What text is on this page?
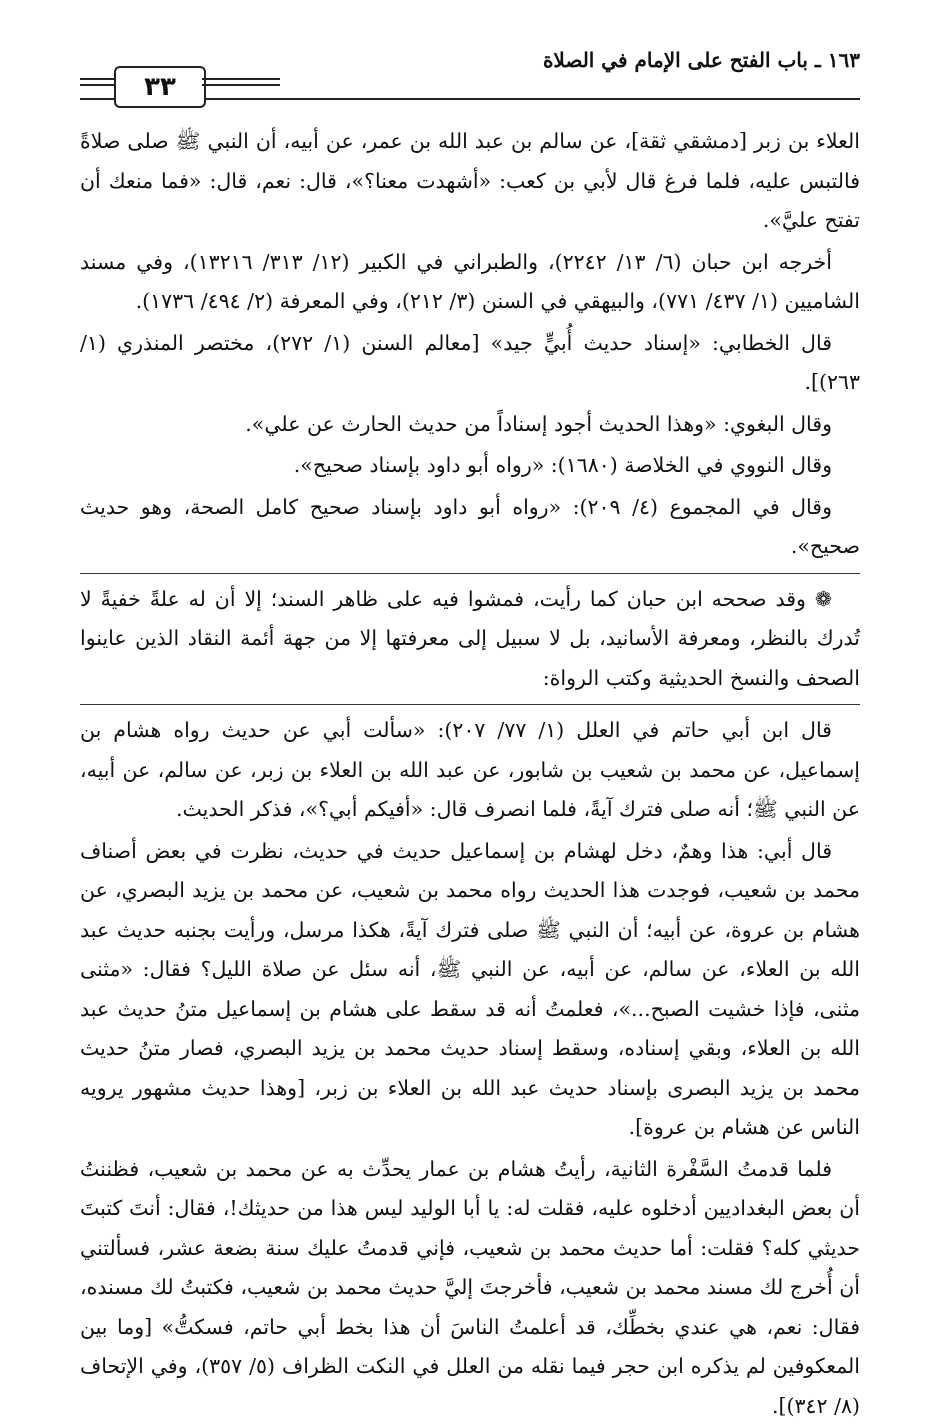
١٦٣ ـ باب الفتح على الإمام في الصلاة
٣٣

العلاء بن زبر [دمشقي ثقة]، عن سالم بن عبد الله بن عمر، عن أبيه، أن النبي ﷺ صلى صلاةً فالتبس عليه، فلما فرغ قال لأبي بن كعب: «أشهدت معنا؟»، قال: نعم، قال: «فما منعك أن تفتح عليَّ».

أخرجه ابن حبان (٦/ ١٣/ ٢٢٤٢)، والطبراني في الكبير (١٢/ ٣١٣/ ١٣٢١٦)، وفي مسند الشاميين (١/ ٤٣٧/ ٧٧١)، والبيهقي في السنن (٣/ ٢١٢)، وفي المعرفة (٢/ ٤٩٤/ ١٧٣٦).

قال الخطابي: «إسناد حديث أُبيٍّ جيد» [معالم السنن (١/ ٢٧٢)، مختصر المنذري (١/ ٢٦٣)].

وقال البغوي: «وهذا الحديث أجود إسناداً من حديث الحارث عن علي».

وقال النووي في الخلاصة (١٦٨٠): «رواه أبو داود بإسناد صحيح».

وقال في المجموع (٤/ ٢٠٩): «رواه أبو داود بإسناد صحيح كامل الصحة، وهو حديث صحيح».

❁ وقد صححه ابن حبان كما رأيت، فمشوا فيه على ظاهر السند؛ إلا أن له علةً خفيةً لا تُدرك بالنظر، ومعرفة الأسانيد، بل لا سبيل إلى معرفتها إلا من جهة أئمة النقاد الذين عاينوا الصحف والنسخ الحديثية وكتب الرواة:

قال ابن أبي حاتم في العلل (١/ ٧٧/ ٢٠٧): «سألت أبي عن حديث رواه هشام بن إسماعيل، عن محمد بن شعيب بن شابور، عن عبد الله بن العلاء بن زبر، عن سالم، عن أبيه، عن النبي ﷺ؛ أنه صلى فترك آيةً، فلما انصرف قال: «أفيكم أبي؟»، فذكر الحديث.

قال أبي: هذا وهمٌ، دخل لهشام بن إسماعيل حديث في حديث، نظرت في بعض أصناف محمد بن شعيب، فوجدت هذا الحديث رواه محمد بن شعيب، عن محمد بن يزيد البصري، عن هشام بن عروة، عن أبيه؛ أن النبي ﷺ صلى فترك آيةً، هكذا مرسل، ورأيت بجنبه حديث عبد الله بن العلاء، عن سالم، عن أبيه، عن النبي ﷺ، أنه سئل عن صلاة الليل؟ فقال: «مثنى مثنى، فإذا خشيت الصبح...»، فعلمتُ أنه قد سقط على هشام بن إسماعيل متنُ حديث عبد الله بن العلاء، وبقي إسناده، وسقط إسناد حديث محمد بن يزيد البصري، فصار متنُ حديث محمد بن يزيد البصرى بإسناد حديث عبد الله بن العلاء بن زبر، [وهذا حديث مشهور يرويه الناس عن هشام بن عروة].

فلما قدمتُ السَّفْرة الثانية، رأيتُ هشام بن عمار يحدِّث به عن محمد بن شعيب، فظننتُ أن بعض البغداديين أدخلوه عليه، فقلت له: يا أبا الوليد ليس هذا من حديثك!، فقال: أنتَ كتبتَ حديثي كله؟ فقلت: أما حديث محمد بن شعيب، فإني قدمتُ عليك سنة بضعة عشر، فسألتني أن أُخرج لك مسند محمد بن شعيب، فأخرجتَ إليَّ حديث محمد بن شعيب، فكتبتُ لك مسنده، فقال: نعم، هي عندي بخطِّك، قد أعلمتُ الناسَ أن هذا بخط أبي حاتم، فسكتُّ» [وما بين المعكوفين لم يذكره ابن حجر فيما نقله من العلل في النكت الظراف (٥/ ٣٥٧)، وفي الإتحاف (٨/ ٣٤٢)].
